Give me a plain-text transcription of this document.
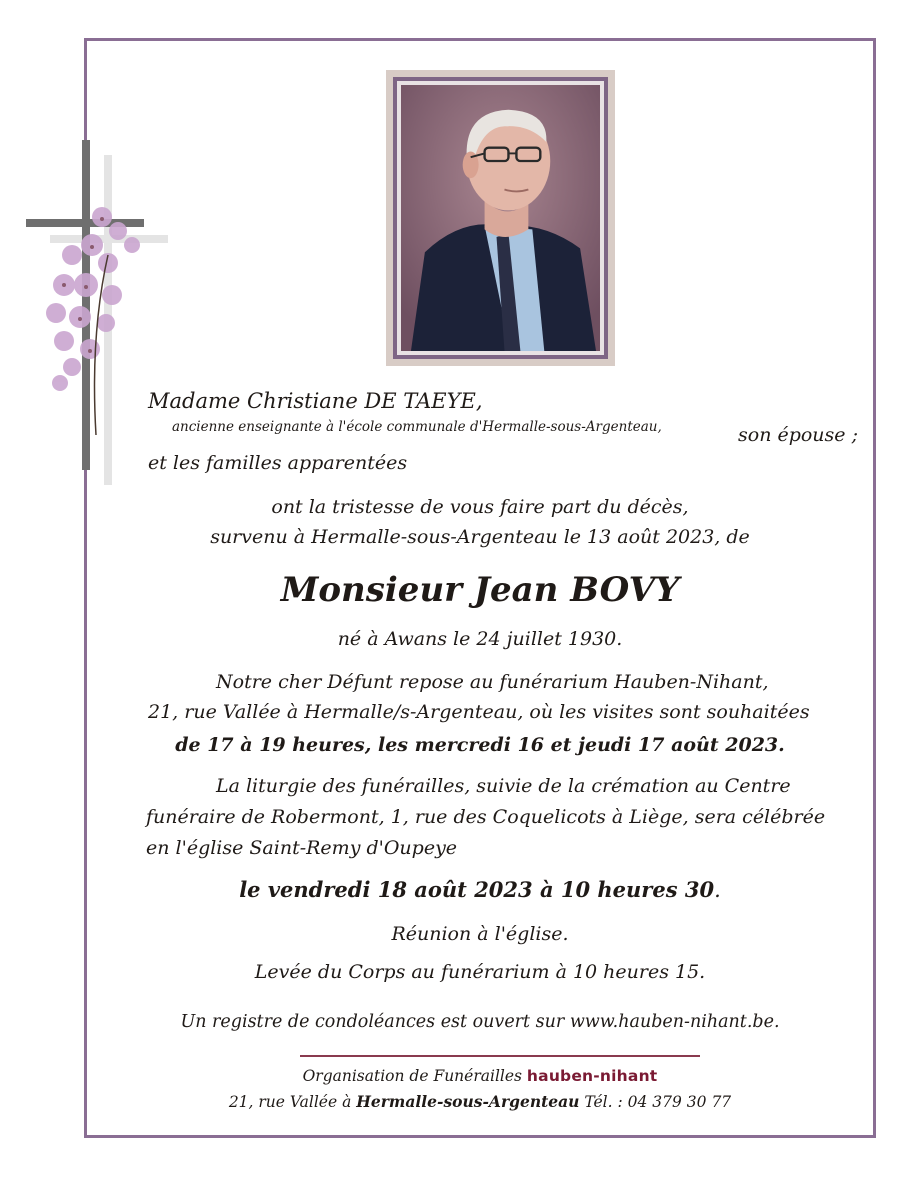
Madame Christiane DE TAEYE,
ancienne enseignante à l'école communale d'Hermalle-sous-Argenteau,	son épouse ;
et les familles apparentées
ont la tristesse de vous faire part du décès,
survenu à Hermalle-sous-Argenteau le 13 août 2023, de
Monsieur Jean BOVY
né à Awans le 24 juillet 1930.
Notre cher Défunt repose au funérarium Hauben-Nihant,
21, rue Vallée à Hermalle/s-Argenteau, où les visites sont souhaitées
de 17 à 19 heures, les mercredi 16 et jeudi 17 août 2023.
La liturgie des funérailles, suivie de la crémation au Centre
funéraire de Robermont, 1, rue des Coquelicots à Liège, sera célébrée
en l'église Saint-Remy d'Oupeye
le vendredi 18 août 2023 à 10 heures 30.
Réunion à l'église.
Levée du Corps au funérarium à 10 heures 15.
Un registre de condoléances est ouvert sur www.hauben-nihant.be.
Organisation de Funérailles hauben-nihant
21, rue Vallée à Hermalle-sous-Argenteau Tél. : 04 379 30 77
